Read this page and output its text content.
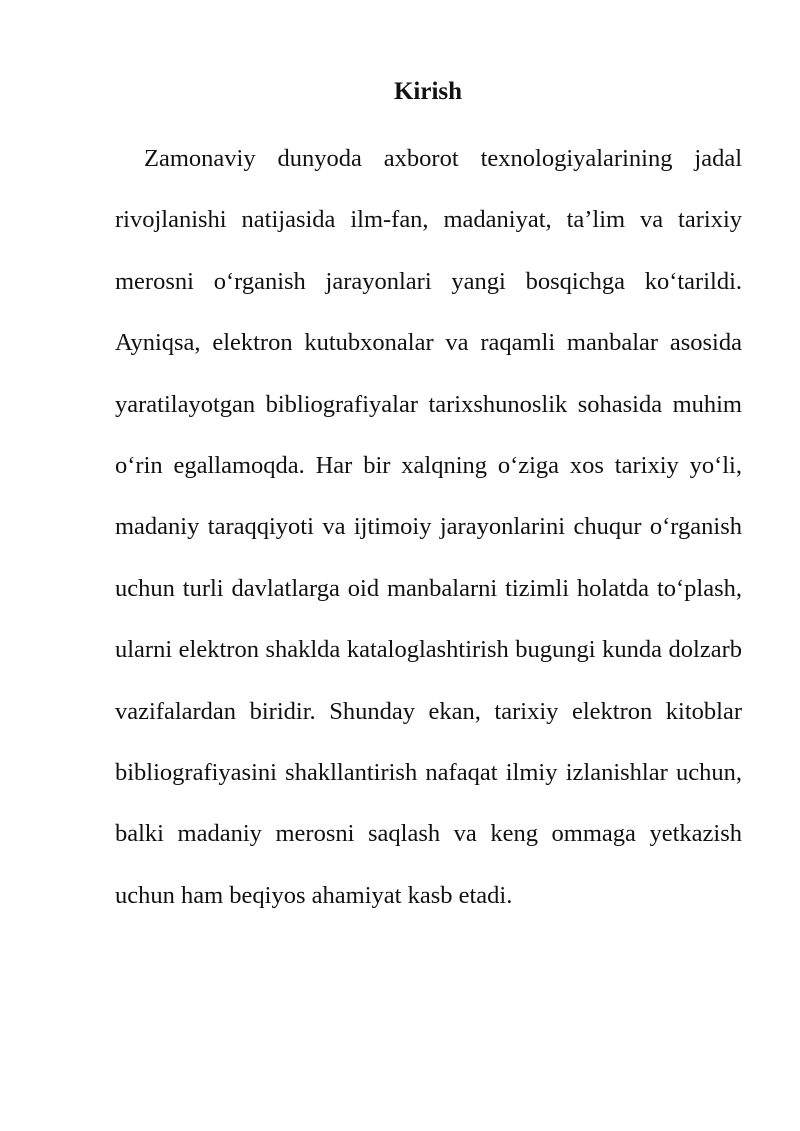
Kirish

Zamonaviy dunyoda axborot texnologiyalarining jadal rivojlanishi natijasida ilm-fan, madaniyat, ta’lim va tarixiy merosni o‘rganish jarayonlari yangi bosqichga ko‘tarildi. Ayniqsa, elektron kutubxonalar va raqamli manbalar asosida yaratilayotgan bibliografiyalar tarixshunoslik sohasida muhim o‘rin egallamoqda. Har bir xalqning o‘ziga xos tarixiy yo‘li, madaniy taraqqiyoti va ijtimoiy jarayonlarini chuqur o‘rganish uchun turli davlatlarga oid manbalarni tizimli holatda to‘plash, ularni elektron shaklda kataloglashtirish bugungi kunda dolzarb vazifalardan biridir. Shunday ekan, tarixiy elektron kitoblar bibliografiyasini shakllantirish nafaqat ilmiy izlanishlar uchun, balki madaniy merosni saqlash va keng ommaga yetkazish uchun ham beqiyos ahamiyat kasb etadi.
